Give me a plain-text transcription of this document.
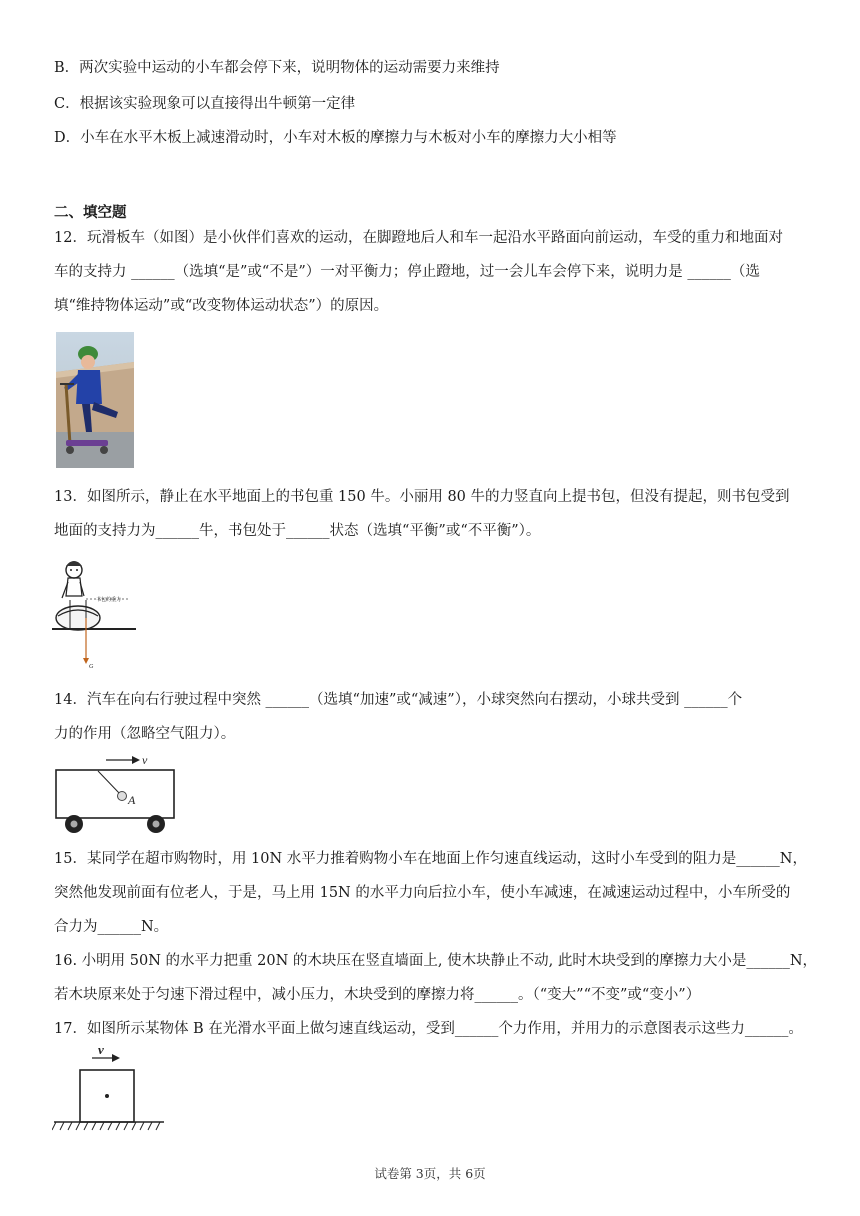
B．两次实验中运动的小车都会停下来，说明物体的运动需要力来维持
C．根据该实验现象可以直接得出牛顿第一定律
D．小车在水平木板上减速滑动时，小车对木板的摩擦力与木板对小车的摩擦力大小相等
二、填空题
12．玩滑板车（如图）是小伙伴们喜欢的运动，在脚蹬地后人和车一起沿水平路面向前运动，车受的重力和地面对
车的支持力 ______（选填“是”或“不是”）一对平衡力；停止蹬地，过一会儿车会停下来，说明力是 ______（选
填“维持物体运动”或“改变物体运动状态”）的原因。
13．如图所示，静止在水平地面上的书包重 150 牛。小丽用 80 牛的力竖直向上提书包，但没有提起，则书包受到
地面的支持力为______牛，书包处于______状态（选填“平衡”或“不平衡”）。
G
书包的重力
14．汽车在向右行驶过程中突然 ______（选填“加速”或“减速”），小球突然向右摆动，小球共受到 ______个
力的作用（忽略空气阻力）。
v
A
15．某同学在超市购物时，用 10N 水平力推着购物小车在地面上作匀速直线运动，这时小车受到的阻力是______N，
突然他发现前面有位老人，于是，马上用 15N 的水平力向后拉小车，使小车减速，在减速运动过程中，小车所受的
合力为______N。
16. 小明用 50N 的水平力把重 20N 的木块压在竖直墙面上, 使木块静止不动, 此时木块受到的摩擦力大小是______N，
若木块原来处于匀速下滑过程中，减小压力，木块受到的摩擦力将______。（“变大”“不变”或“变小”）
17．如图所示某物体 B 在光滑水平面上做匀速直线运动，受到______个力作用，并用力的示意图表示这些力______。
v
试卷第 3页，共 6页
